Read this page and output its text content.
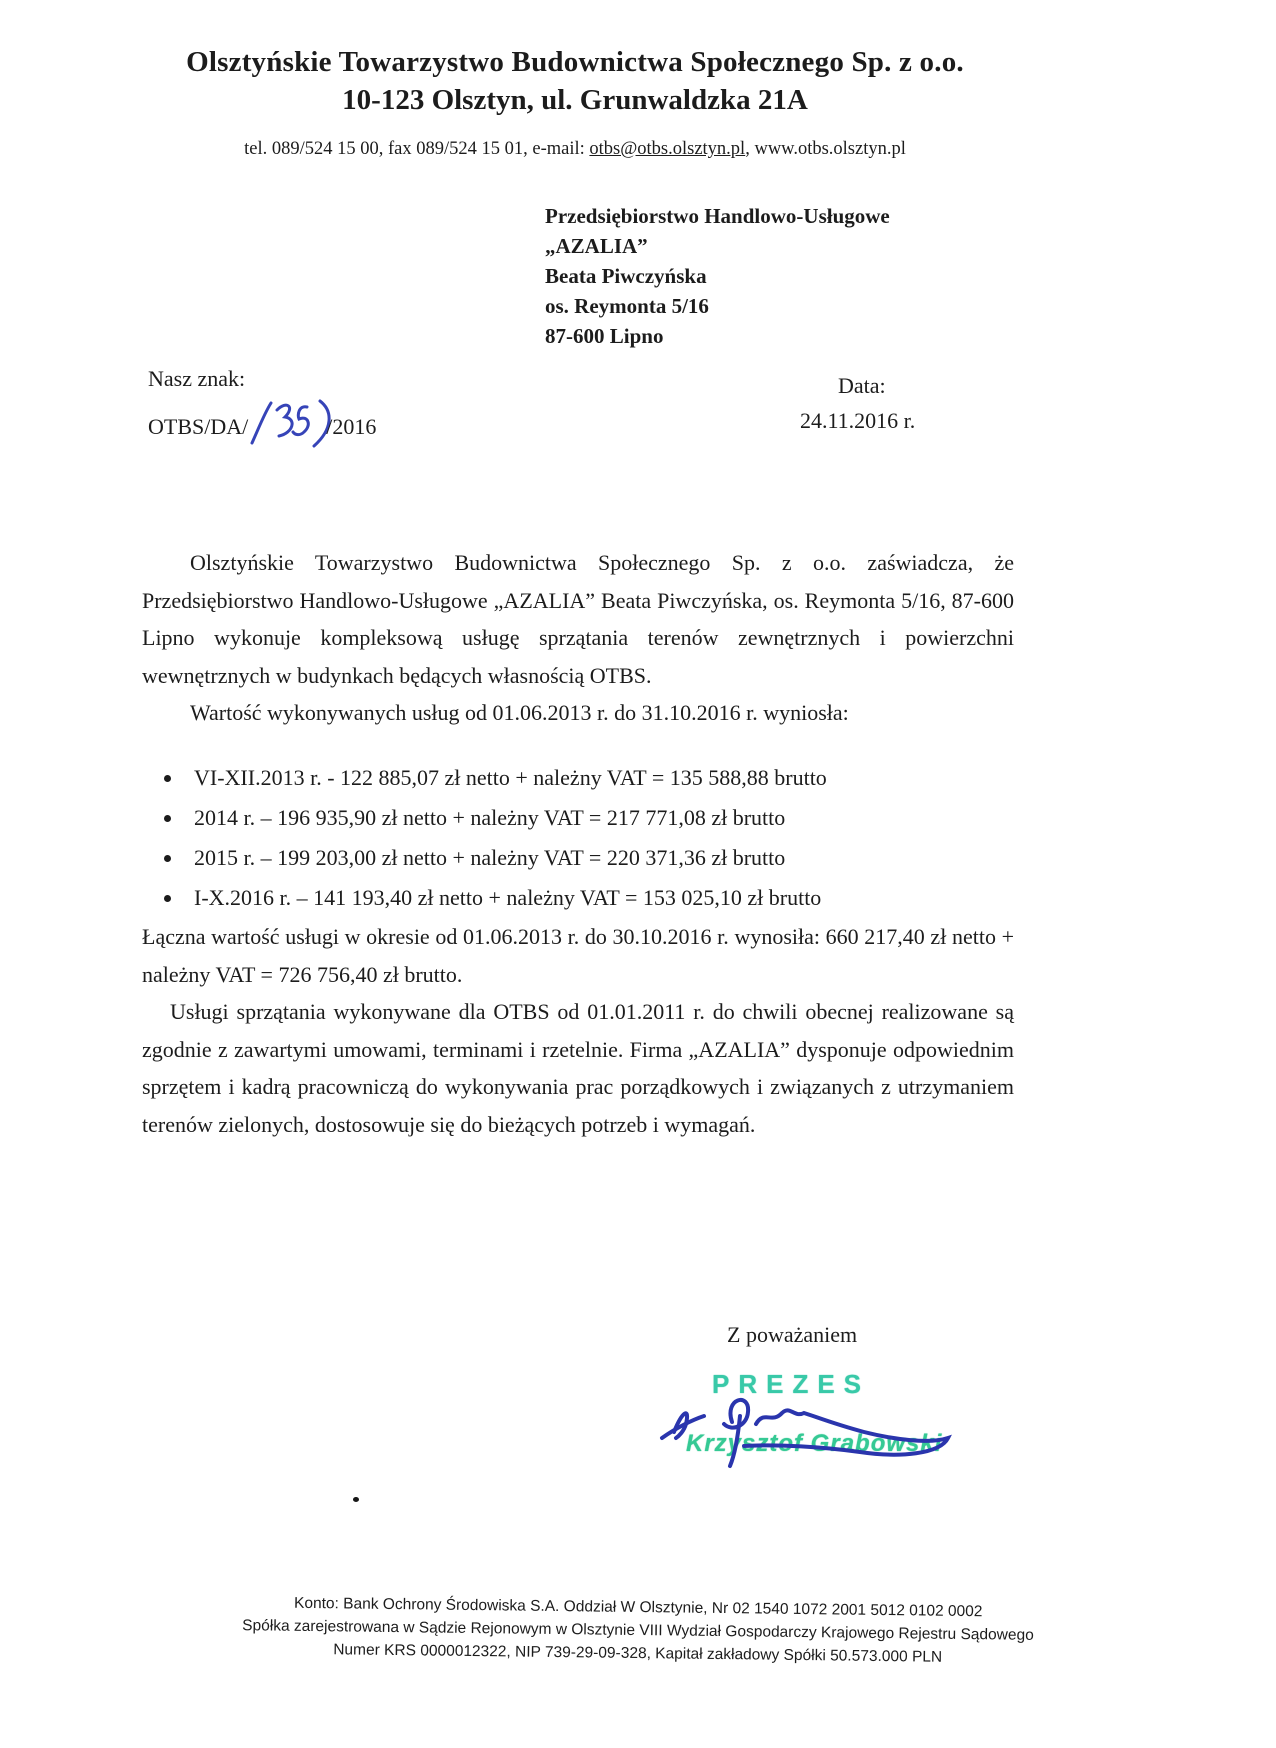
Olsztyńskie Towarzystwo Budownictwa Społecznego Sp. z o.o.
10-123 Olsztyn, ul. Grunwaldzka 21A
tel. 089/524 15 00, fax 089/524 15 01, e-mail: otbs@otbs.olsztyn.pl, www.otbs.olsztyn.pl
Przedsiębiorstwo Handlowo-Usługowe
„AZALIA”
Beata Piwczyńska
os. Reymonta 5/16
87-600 Lipno
Nasz znak:
OTBS/DA/	/2016
Data:
24.11.2016 r.

Olsztyńskie Towarzystwo Budownictwa Społecznego Sp. z o.o. zaświadcza, że Przedsiębiorstwo Handlowo-Usługowe „AZALIA” Beata Piwczyńska, os. Reymonta 5/16, 87-600 Lipno wykonuje kompleksową usługę sprzątania terenów zewnętrznych i powierzchni wewnętrznych w budynkach będących własnością OTBS.

Wartość wykonywanych usług od 01.06.2013 r. do 31.10.2016 r. wyniosła:

• VI-XII.2013 r. - 122 885,07 zł netto + należny VAT = 135 588,88 brutto
• 2014 r. – 196 935,90 zł netto + należny VAT = 217 771,08 zł brutto
• 2015 r. – 199 203,00 zł netto + należny VAT = 220 371,36 zł brutto
• I-X.2016 r. – 141 193,40 zł netto + należny VAT = 153 025,10 zł brutto

Łączna wartość usługi w okresie od 01.06.2013 r. do 30.10.2016 r. wynosiła: 660 217,40 zł netto + należny VAT = 726 756,40 zł brutto.

Usługi sprzątania wykonywane dla OTBS od 01.01.2011 r. do chwili obecnej realizowane są zgodnie z zawartymi umowami, terminami i rzetelnie. Firma „AZALIA” dysponuje odpowiednim sprzętem i kadrą pracowniczą do wykonywania prac porządkowych i związanych z utrzymaniem terenów zielonych, dostosowuje się do bieżących potrzeb i wymagań.

Z poważaniem
PREZES
Krzysztof Grabowski
Konto: Bank Ochrony Środowiska S.A. Oddział W Olsztynie, Nr 02 1540 1072 2001 5012 0102 0002
Spółka zarejestrowana w Sądzie Rejonowym w Olsztynie VIII Wydział Gospodarczy Krajowego Rejestru Sądowego
Numer KRS 0000012322, NIP 739-29-09-328, Kapitał zakładowy Spółki 50.573.000 PLN
